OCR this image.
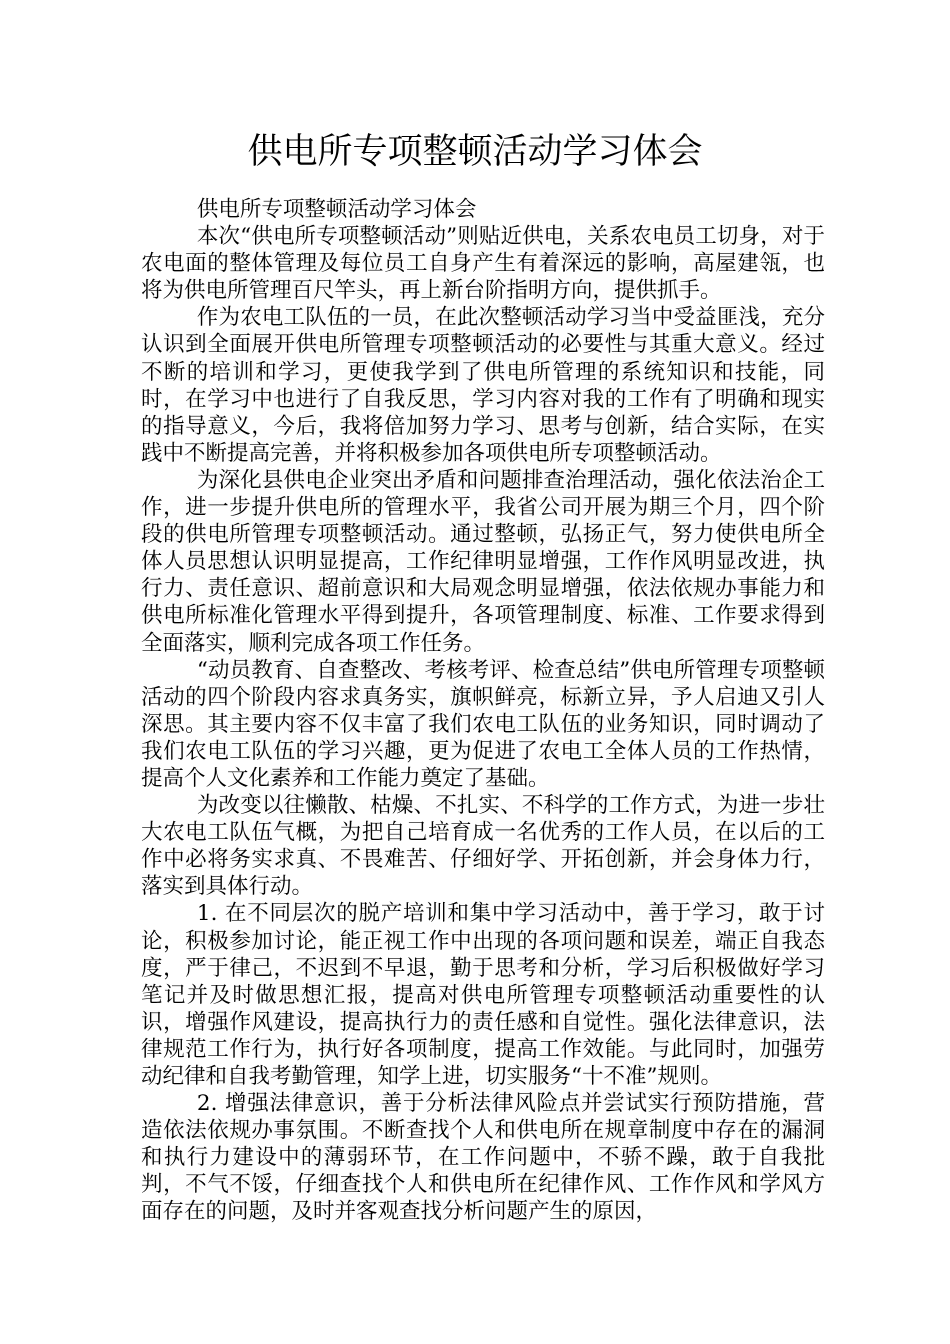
供电所专项整顿活动学习体会

供电所专项整顿活动学习体会

本次“供电所专项整顿活动”则贴近供电，关系农电员工切身，对于农电面的整体管理及每位员工自身产生有着深远的影响，高屋建瓴，也将为供电所管理百尺竿头，再上新台阶指明方向，提供抓手。

作为农电工队伍的一员，在此次整顿活动学习当中受益匪浅，充分认识到全面展开供电所管理专项整顿活动的必要性与其重大意义。经过不断的培训和学习，更使我学到了供电所管理的系统知识和技能，同时，在学习中也进行了自我反思，学习内容对我的工作有了明确和现实的指导意义，今后，我将倍加努力学习、思考与创新，结合实际，在实践中不断提高完善，并将积极参加各项供电所专项整顿活动。

为深化县供电企业突出矛盾和问题排查治理活动，强化依法治企工作，进一步提升供电所的管理水平，我省公司开展为期三个月，四个阶段的供电所管理专项整顿活动。通过整顿，弘扬正气，努力使供电所全体人员思想认识明显提高，工作纪律明显增强，工作作风明显改进，执行力、责任意识、超前意识和大局观念明显增强，依法依规办事能力和供电所标准化管理水平得到提升，各项管理制度、标准、工作要求得到全面落实，顺利完成各项工作任务。

“动员教育、自查整改、考核考评、检查总结”供电所管理专项整顿活动的四个阶段内容求真务实，旗帜鲜亮，标新立异，予人启迪又引人深思。其主要内容不仅丰富了我们农电工队伍的业务知识，同时调动了我们农电工队伍的学习兴趣，更为促进了农电工全体人员的工作热情，提高个人文化素养和工作能力奠定了基础。

为改变以往懒散、枯燥、不扎实、不科学的工作方式，为进一步壮大农电工队伍气概，为把自己培育成一名优秀的工作人员，在以后的工作中必将务实求真、不畏难苦、仔细好学、开拓创新，并会身体力行，落实到具体行动。

1. 在不同层次的脱产培训和集中学习活动中，善于学习，敢于讨论，积极参加讨论，能正视工作中出现的各项问题和误差，端正自我态度，严于律己，不迟到不早退，勤于思考和分析，学习后积极做好学习笔记并及时做思想汇报，提高对供电所管理专项整顿活动重要性的认识，增强作风建设，提高执行力的责任感和自觉性。强化法律意识，法律规范工作行为，执行好各项制度，提高工作效能。与此同时，加强劳动纪律和自我考勤管理，知学上进，切实服务“十不准”规则。

2. 增强法律意识，善于分析法律风险点并尝试实行预防措施，营造依法依规办事氛围。不断查找个人和供电所在规章制度中存在的漏洞和执行力建设中的薄弱环节，在工作问题中，不骄不躁，敢于自我批判，不气不馁，仔细查找个人和供电所在纪律作风、工作作风和学风方面存在的问题，及时并客观查找分析问题产生的原因，
